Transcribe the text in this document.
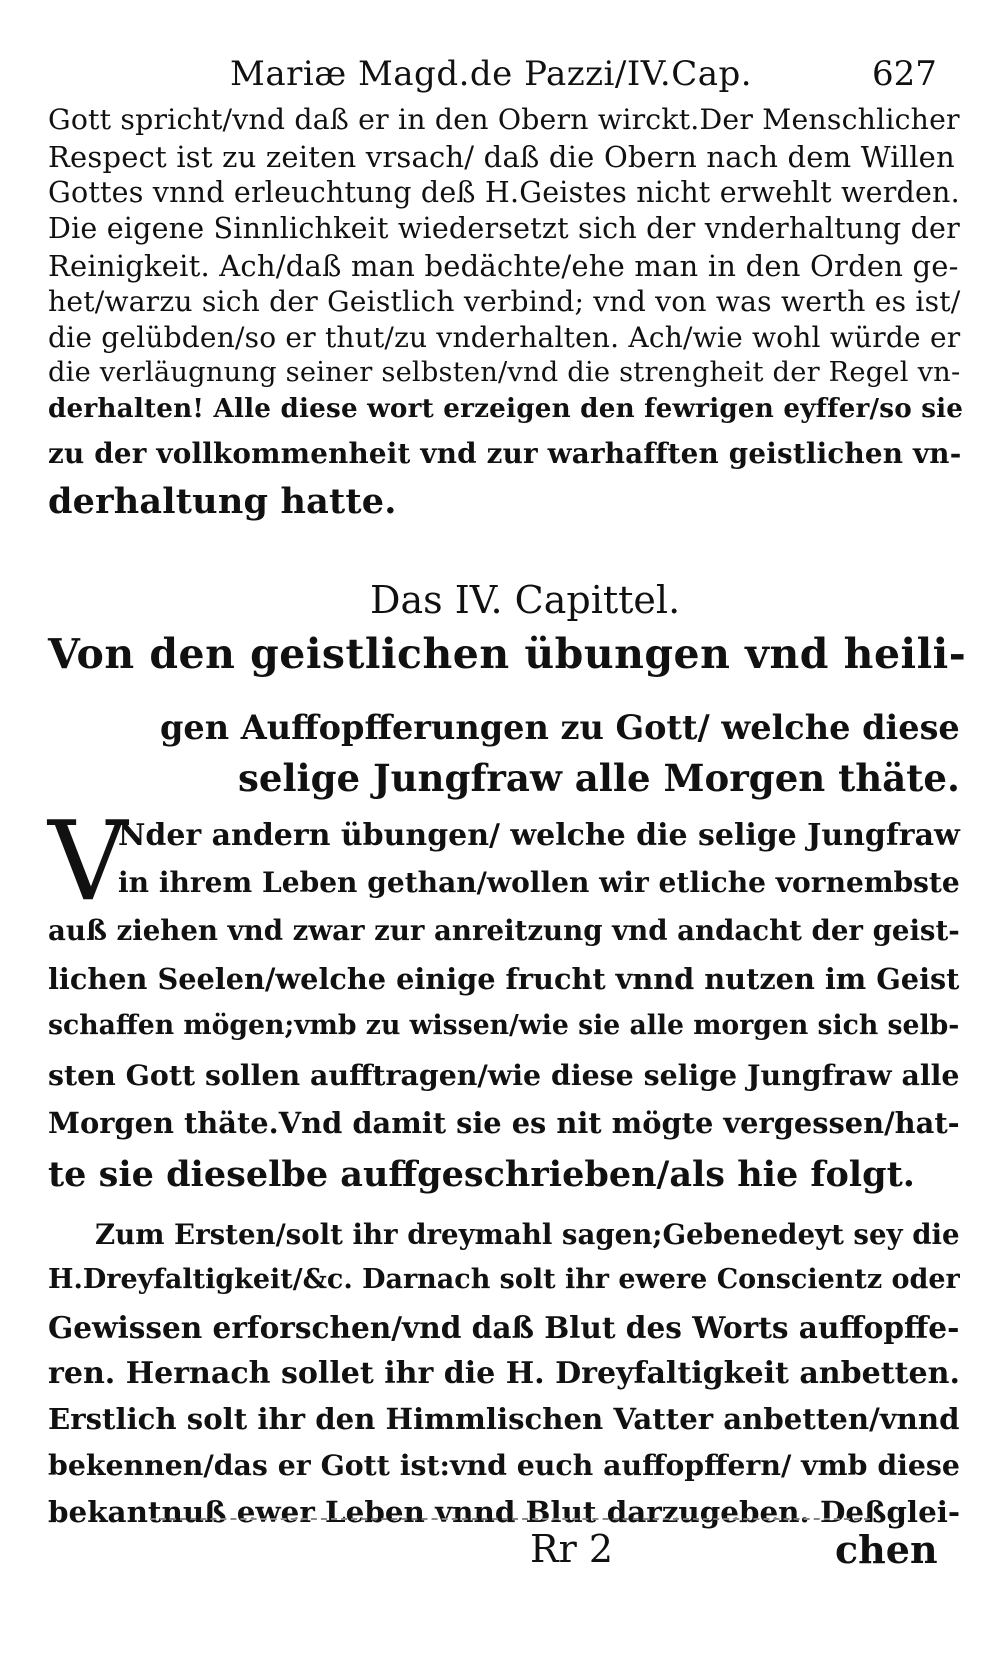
Mariæ Magd.de Pazzi/IV.Cap.	627
Gott spricht/vnd daß er in den Obern wirckt.Der Menschlicher
Respect ist zu zeiten vrsach/ daß die Obern nach dem Willen
Gottes vnnd erleuchtung deß H.Geistes nicht erwehlt werden.
Die eigene Sinnlichkeit wiedersetzt sich der vnderhaltung der
Reinigkeit. Ach/daß man bedächte/ehe man in den Orden ge-
het/warzu sich der Geistlich verbind; vnd von was werth es ist/
die gelübden/so er thut/zu vnderhalten. Ach/wie wohl würde er
die verläugnung seiner selbsten/vnd die strengheit der Regel vn-
derhalten! Alle diese wort erzeigen den fewrigen eyffer/so sie
zu der vollkommenheit vnd zur warhafften geistlichen vn-
derhaltung hatte.
Das IV. Capittel.
Von den geistlichen übungen vnd heili-
gen Auffopfferungen zu Gott/ welche diese
selige Jungfraw alle Morgen thäte.
V
Nder andern übungen/ welche die selige Jungfraw
in ihrem Leben gethan/wollen wir etliche vornembste
auß ziehen vnd zwar zur anreitzung vnd andacht der geist-
lichen Seelen/welche einige frucht vnnd nutzen im Geist
schaffen mögen;vmb zu wissen/wie sie alle morgen sich selb-
sten Gott sollen aufftragen/wie diese selige Jungfraw alle
Morgen thäte.Vnd damit sie es nit mögte vergessen/hat-
te sie dieselbe auffgeschrieben/als hie folgt.
Zum Ersten/solt ihr dreymahl sagen;Gebenedeyt sey die
H.Dreyfaltigkeit/&c. Darnach solt ihr ewere Conscientz oder
Gewissen erforschen/vnd daß Blut des Worts auffopffe-
ren. Hernach sollet ihr die H. Dreyfaltigkeit anbetten.
Erstlich solt ihr den Himmlischen Vatter anbetten/vnnd
bekennen/das er Gott ist:vnd euch auffopffern/ vmb diese
bekantnuß ewer Leben vnnd Blut darzugeben. Deßglei-
Rr 2	chen
